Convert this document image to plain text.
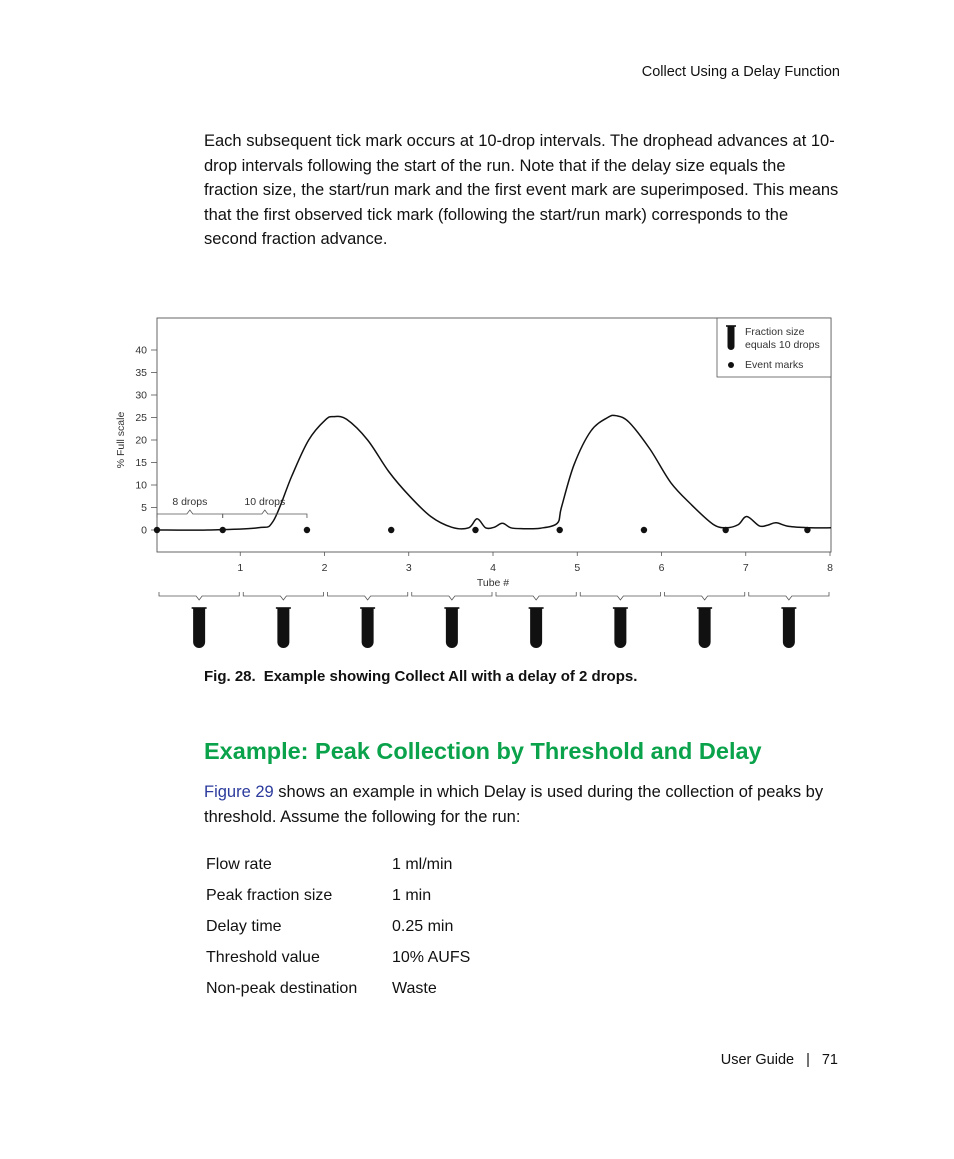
Collect Using a Delay Function

Each subsequent tick mark occurs at 10-drop intervals. The drophead advances at 10-drop intervals following the start of the run. Note that if the delay size equals the fraction size, the start/run mark and the first event mark are superimposed. This means that the first observed tick mark (following the start/run mark) corresponds to the second fraction advance.

0
5
10
15
20
25
30
35
40
1	2	3	4	5	6	7	8
8 drops	10 drops
Fraction size
equals 10 drops
Event marks
Tube #
% Full scale
Fig. 28. Example showing Collect All with a delay of 2 drops.
Example: Peak Collection by Threshold and Delay

Figure 29 shows an example in which Delay is used during the collection of peaks by threshold. Assume the following for the run:

Flow rate	1 ml/min
Peak fraction size	1 min
Delay time	0.25 min
Threshold value	10% AUFS
Non-peak destination	Waste
User Guide | 71
